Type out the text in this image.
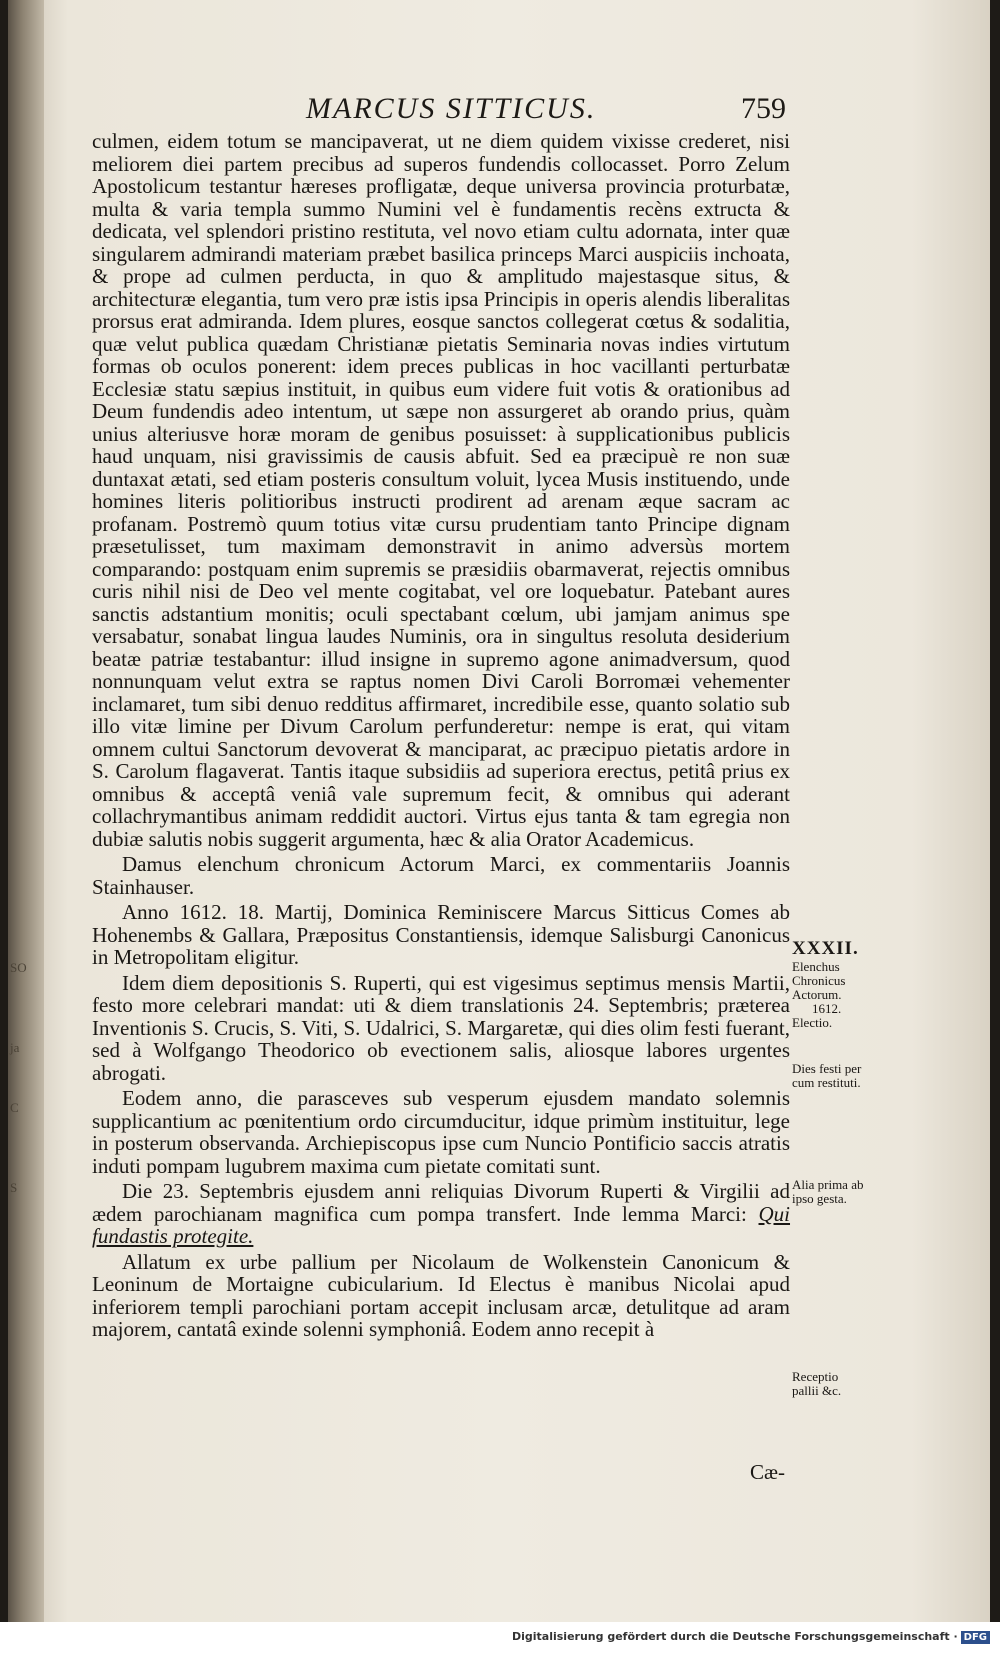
SO
ja
C
S
MARCUS SITTICUS.	759

culmen, eidem totum se mancipaverat, ut ne diem quidem vixisse crederet, nisi meliorem diei partem precibus ad superos fundendis collocasset. Porro Zelum Apostolicum testantur hæreses profligatæ, deque universa provincia proturbatæ, multa & varia templa summo Numini vel è fundamentis recèns extructa & dedicata, vel splendori pristino restituta, vel novo etiam cultu adornata, inter quæ singularem admirandi materiam præbet basilica princeps Marci auspiciis inchoata, & prope ad culmen perducta, in quo & amplitudo majestasque situs, & architecturæ elegantia, tum vero præ istis ipsa Principis in operis alendis liberalitas prorsus erat admiranda. Idem plures, eosque sanctos collegerat cœtus & sodalitia, quæ velut publica quædam Christianæ pietatis Seminaria novas indies virtutum formas ob oculos ponerent: idem preces publicas in hoc vacillanti perturbatæ Ecclesiæ statu sæpius instituit, in quibus eum videre fuit votis & orationibus ad Deum fundendis adeo intentum, ut sæpe non assurgeret ab orando prius, quàm unius alteriusve horæ moram de genibus posuisset: à supplicationibus publicis haud unquam, nisi gravissimis de causis abfuit. Sed ea præcipuè re non suæ duntaxat ætati, sed etiam posteris consultum voluit, lycea Musis instituendo, unde homines literis politioribus instructi prodirent ad arenam æque sacram ac profanam. Postremò quum totius vitæ cursu prudentiam tanto Principe dignam præsetulisset, tum maximam demonstravit in animo adversùs mortem comparando: postquam enim supremis se præsidiis obarmaverat, rejectis omnibus curis nihil nisi de Deo vel mente cogitabat, vel ore loquebatur. Patebant aures sanctis adstantium monitis; oculi spectabant cœlum, ubi jamjam animus spe versabatur, sonabat lingua laudes Numinis, ora in singultus resoluta desiderium beatæ patriæ testabantur: illud insigne in supremo agone animadversum, quod nonnunquam velut extra se raptus nomen Divi Caroli Borromæi vehementer inclamaret, tum sibi denuo redditus affirmaret, incredibile esse, quanto solatio sub illo vitæ limine per Divum Carolum perfunderetur: nempe is erat, qui vitam omnem cultui Sanctorum devoverat & manciparat, ac præcipuo pietatis ardore in S. Carolum flagaverat. Tantis itaque subsidiis ad superiora erectus, petitâ prius ex omnibus & acceptâ veniâ vale supremum fecit, & omnibus qui aderant collachrymantibus animam reddidit auctori. Virtus ejus tanta & tam egregia non dubiæ salutis nobis suggerit argumenta, hæc & alia Orator Academicus.

Damus elenchum chronicum Actorum Marci, ex commentariis Joannis Stainhauser.

Anno 1612. 18. Martij, Dominica Reminiscere Marcus Sitticus Comes ab Hohenembs & Gallara, Præpositus Constantiensis, idemque Salisburgi Canonicus in Metropolitam eligitur.

Idem diem depositionis S. Ruperti, qui est vigesimus septimus mensis Martii, festo more celebrari mandat: uti & diem translationis 24. Septembris; præterea Inventionis S. Crucis, S. Viti, S. Udalrici, S. Margaretæ, qui dies olim festi fuerant, sed à Wolfgango Theodorico ob evectionem salis, aliosque labores urgentes abrogati.

Eodem anno, die parasceves sub vesperum ejusdem mandato solemnis supplicantium ac pœnitentium ordo circumducitur, idque primùm instituitur, lege in posterum observanda. Archiepiscopus ipse cum Nuncio Pontificio saccis atratis induti pompam lugubrem maxima cum pietate comitati sunt.

Die 23. Septembris ejusdem anni reliquias Divorum Ruperti & Virgilii ad ædem parochianam magnifica cum pompa transfert. Inde lemma Marci: Qui fundastis protegite.

Allatum ex urbe pallium per Nicolaum de Wolkenstein Canonicum & Leoninum de Mortaigne cubicularium. Id Electus è manibus Nicolai apud inferiorem templi parochiani portam accepit inclusam arcæ, detulitque ad aram majorem, cantatâ exinde solenni symphoniâ. Eodem anno recepit à

XXXII.
Elenchus
Chronicus
Actorum.
1612.
Electio.
Dies festi per
cum restituti.
Alia prima ab
ipso gesta.
Receptio
pallii &c.
Cæ-
Digitalisierung gefördert durch die Deutsche Forschungsgemeinschaft · DFG
